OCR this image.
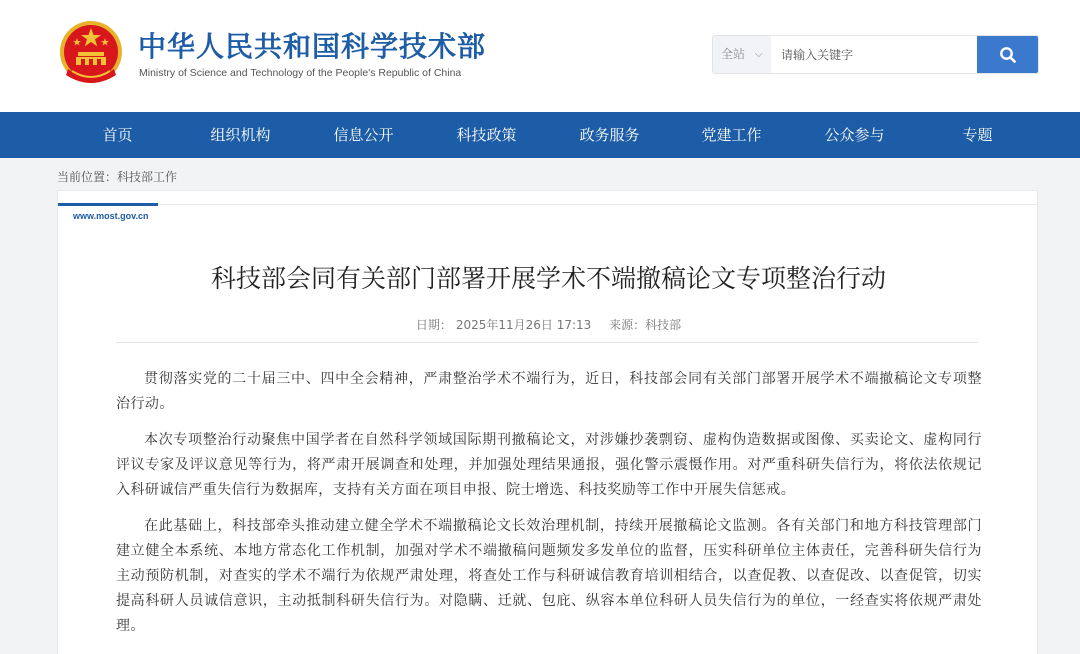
中华人民共和国科学技术部
Ministry of Science and Technology of the People's Republic of China
全站 ⌵
请输入关键字
首页	组织机构	信息公开	科技政策	政务服务	党建工作	公众参与	专题
当前位置：科技部工作
www.most.gov.cn
科技部会同有关部门部署开展学术不端撤稿论文专项整治行动
日期： 2025年11月26日 17:13 来源：科技部

贯彻落实党的二十届三中、四中全会精神，严肃整治学术不端行为，近日，科技部会同有关部门部署开展学术不端撤稿论文专项整治行动。

本次专项整治行动聚焦中国学者在自然科学领域国际期刊撤稿论文，对涉嫌抄袭剽窃、虚构伪造数据或图像、买卖论文、虚构同行评议专家及评议意见等行为，将严肃开展调查和处理，并加强处理结果通报，强化警示震慑作用。对严重科研失信行为，将依法依规记入科研诚信严重失信行为数据库，支持有关方面在项目申报、院士增选、科技奖励等工作中开展失信惩戒。

在此基础上，科技部牵头推动建立健全学术不端撤稿论文长效治理机制，持续开展撤稿论文监测。各有关部门和地方科技管理部门建立健全本系统、本地方常态化工作机制，加强对学术不端撤稿问题频发多发单位的监督，压实科研单位主体责任，完善科研失信行为主动预防机制，对查实的学术不端行为依规严肃处理，将查处工作与科研诚信教育培训相结合，以查促教、以查促改、以查促管，切实提高科研人员诚信意识，主动抵制科研失信行为。对隐瞒、迁就、包庇、纵容本单位科研人员失信行为的单位，一经查实将依规严肃处理。
